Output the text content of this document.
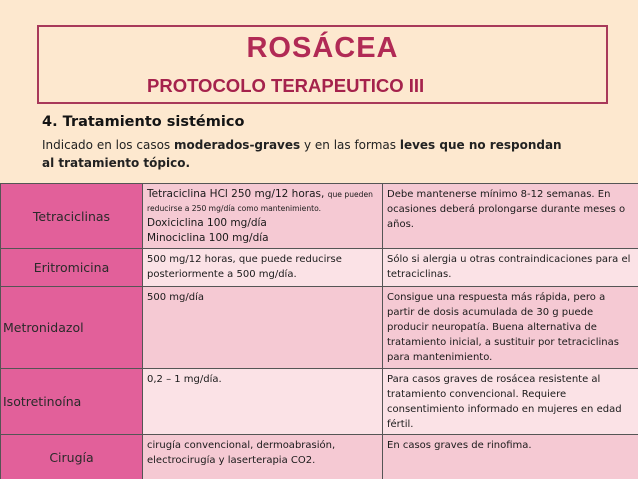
ROSÁCEA
PROTOCOLO TERAPEUTICO III
4. Tratamiento sistémico
Indicado en los casos moderados-graves y en las formas leves que no respondan
al tratamiento tópico.
Tetraciclinas	Tetraciclina HCl 250 mg/12 horas, que pueden reducirse a 250 mg/día como mantenimiento.
Doxiciclina 100 mg/día
Minociclina 100 mg/día	Debe mantenerse mínimo 8-12 semanas. En ocasiones deberá prolongarse durante meses o años.
Eritromicina	500 mg/12 horas, que puede reducirse posteriormente a 500 mg/día.	Sólo si alergia u otras contraindicaciones para el tetraciclinas.
Metronidazol	500 mg/día	Consigue una respuesta más rápida, pero a partir de dosis acumulada de 30 g puede producir neuropatía. Buena alternativa de tratamiento inicial, a sustituir por tetraciclinas para mantenimiento.
Isotretinoína	0,2 – 1 mg/día.	Para casos graves de rosácea resistente al tratamiento convencional. Requiere consentimiento informado en mujeres en edad fértil.
Cirugía	cirugía convencional, dermoabrasión, electrocirugía y laserterapia CO2.	En casos graves de rinofima.
